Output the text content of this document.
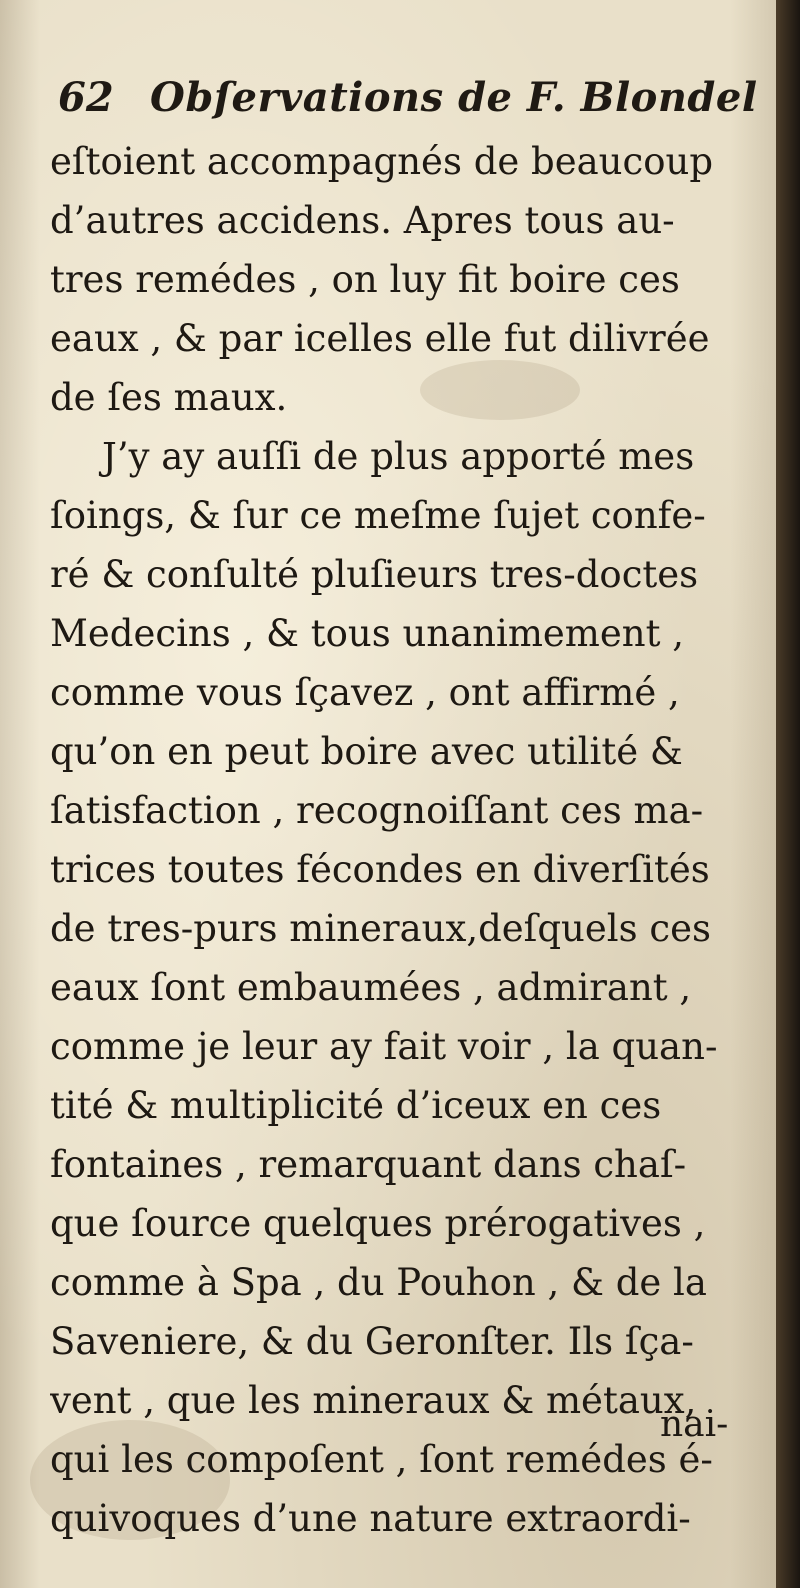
62 Obſervations de F. Blondel
eſtoient accompagnés de beaucoup
d’autres accidens. Apres tous au-
tres remédes , on luy fit boire ces
eaux , & par icelles elle fut dilivrée
de ſes maux.
J’y ay auſſi de plus apporté mes
ſoings, & ſur ce meſme ſujet confe-
ré & conſulté pluſieurs tres-doctes
Medecins , & tous unanimement ,
comme vous ſçavez , ont affirmé ,
qu’on en peut boire avec utilité &
ſatisfaction , recognoiſſant ces ma-
trices toutes fécondes en diverſités
de tres-purs mineraux,deſquels ces
eaux ſont embaumées , admirant ,
comme je leur ay fait voir , la quan-
tité & multiplicité d’iceux en ces
fontaines , remarquant dans chaſ-
que ſource quelques prérogatives ,
comme à Spa , du Pouhon , & de la
Saveniere, & du Geronſter. Ils ſça-
vent , que les mineraux & métaux,
qui les compoſent , ſont remédes é-
quivoques d’une nature extraordi-
nai-
